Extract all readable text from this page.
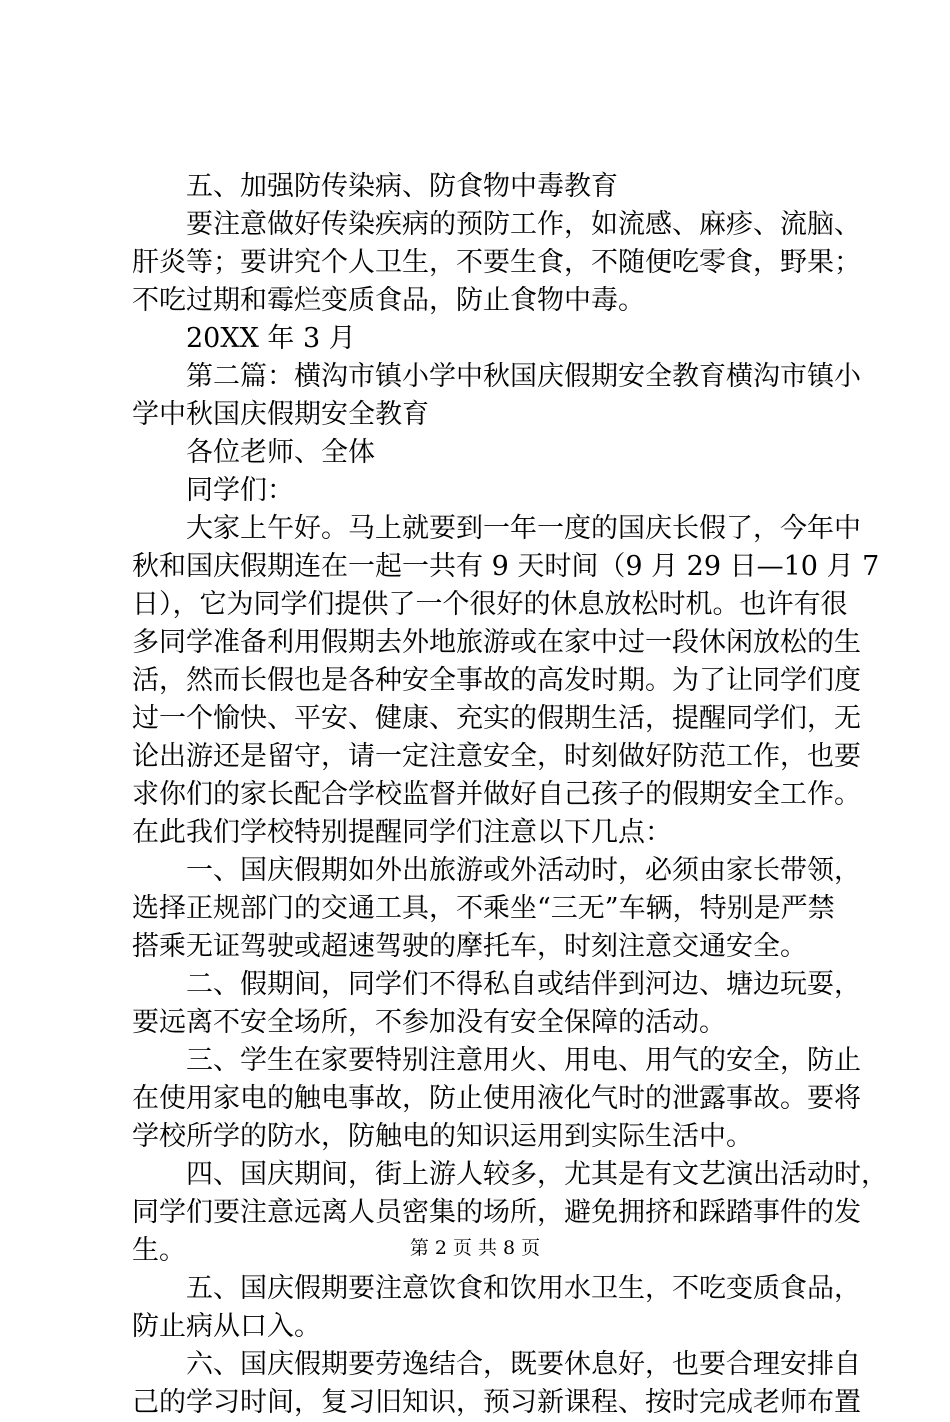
五、加强防传染病、防食物中毒教育
要注意做好传染疾病的预防工作，如流感、麻疹、流脑、
肝炎等；要讲究个人卫生，不要生食，不随便吃零食，野果；
不吃过期和霉烂变质食品，防止食物中毒。
20XX 年 3 月
第二篇：横沟市镇小学中秋国庆假期安全教育横沟市镇小
学中秋国庆假期安全教育
各位老师、全体
同学们：
大家上午好。马上就要到一年一度的国庆长假了，今年中
秋和国庆假期连在一起一共有 9 天时间（9 月 29 日—10 月 7
日），它为同学们提供了一个很好的休息放松时机。也许有很
多同学准备利用假期去外地旅游或在家中过一段休闲放松的生
活，然而长假也是各种安全事故的高发时期。为了让同学们度
过一个愉快、平安、健康、充实的假期生活，提醒同学们，无
论出游还是留守，请一定注意安全，时刻做好防范工作，也要
求你们的家长配合学校监督并做好自己孩子的假期安全工作。
在此我们学校特别提醒同学们注意以下几点：
一、国庆假期如外出旅游或外活动时，必须由家长带领，
选择正规部门的交通工具，不乘坐“三无”车辆，特别是严禁
搭乘无证驾驶或超速驾驶的摩托车，时刻注意交通安全。
二、假期间，同学们不得私自或结伴到河边、塘边玩耍，
要远离不安全场所，不参加没有安全保障的活动。
三、学生在家要特别注意用火、用电、用气的安全，防止
在使用家电的触电事故，防止使用液化气时的泄露事故。要将
学校所学的防水，防触电的知识运用到实际生活中。
四、国庆期间，街上游人较多，尤其是有文艺演出活动时，
同学们要注意远离人员密集的场所，避免拥挤和踩踏事件的发
生。
五、国庆假期要注意饮食和饮用水卫生，不吃变质食品，
防止病从口入。
六、国庆假期要劳逸结合，既要休息好，也要合理安排自
己的学习时间，复习旧知识，预习新课程、按时完成老师布置
第 2 页 共 8 页
